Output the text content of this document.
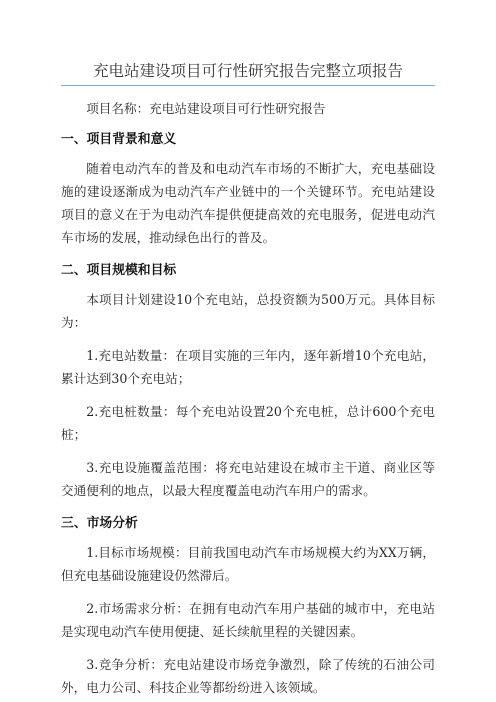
充电站建设项目可行性研究报告完整立项报告

项目名称：充电站建设项目可行性研究报告

一、项目背景和意义

随着电动汽车的普及和电动汽车市场的不断扩大，充电基础设施的建设逐渐成为电动汽车产业链中的一个关键环节。充电站建设项目的意义在于为电动汽车提供便捷高效的充电服务，促进电动汽车市场的发展，推动绿色出行的普及。

二、项目规模和目标

本项目计划建设10个充电站，总投资额为500万元。具体目标为：

1.充电站数量：在项目实施的三年内，逐年新增10个充电站，累计达到30个充电站；

2.充电桩数量：每个充电站设置20个充电桩，总计600个充电桩；

3.充电设施覆盖范围：将充电站建设在城市主干道、商业区等交通便利的地点，以最大程度覆盖电动汽车用户的需求。

三、市场分析

1.目标市场规模：目前我国电动汽车市场规模大约为XX万辆，但充电基础设施建设仍然滞后。

2.市场需求分析：在拥有电动汽车用户基础的城市中，充电站是实现电动汽车使用便捷、延长续航里程的关键因素。

3.竞争分析：充电站建设市场竞争激烈，除了传统的石油公司外，电力公司、科技企业等都纷纷进入该领域。
